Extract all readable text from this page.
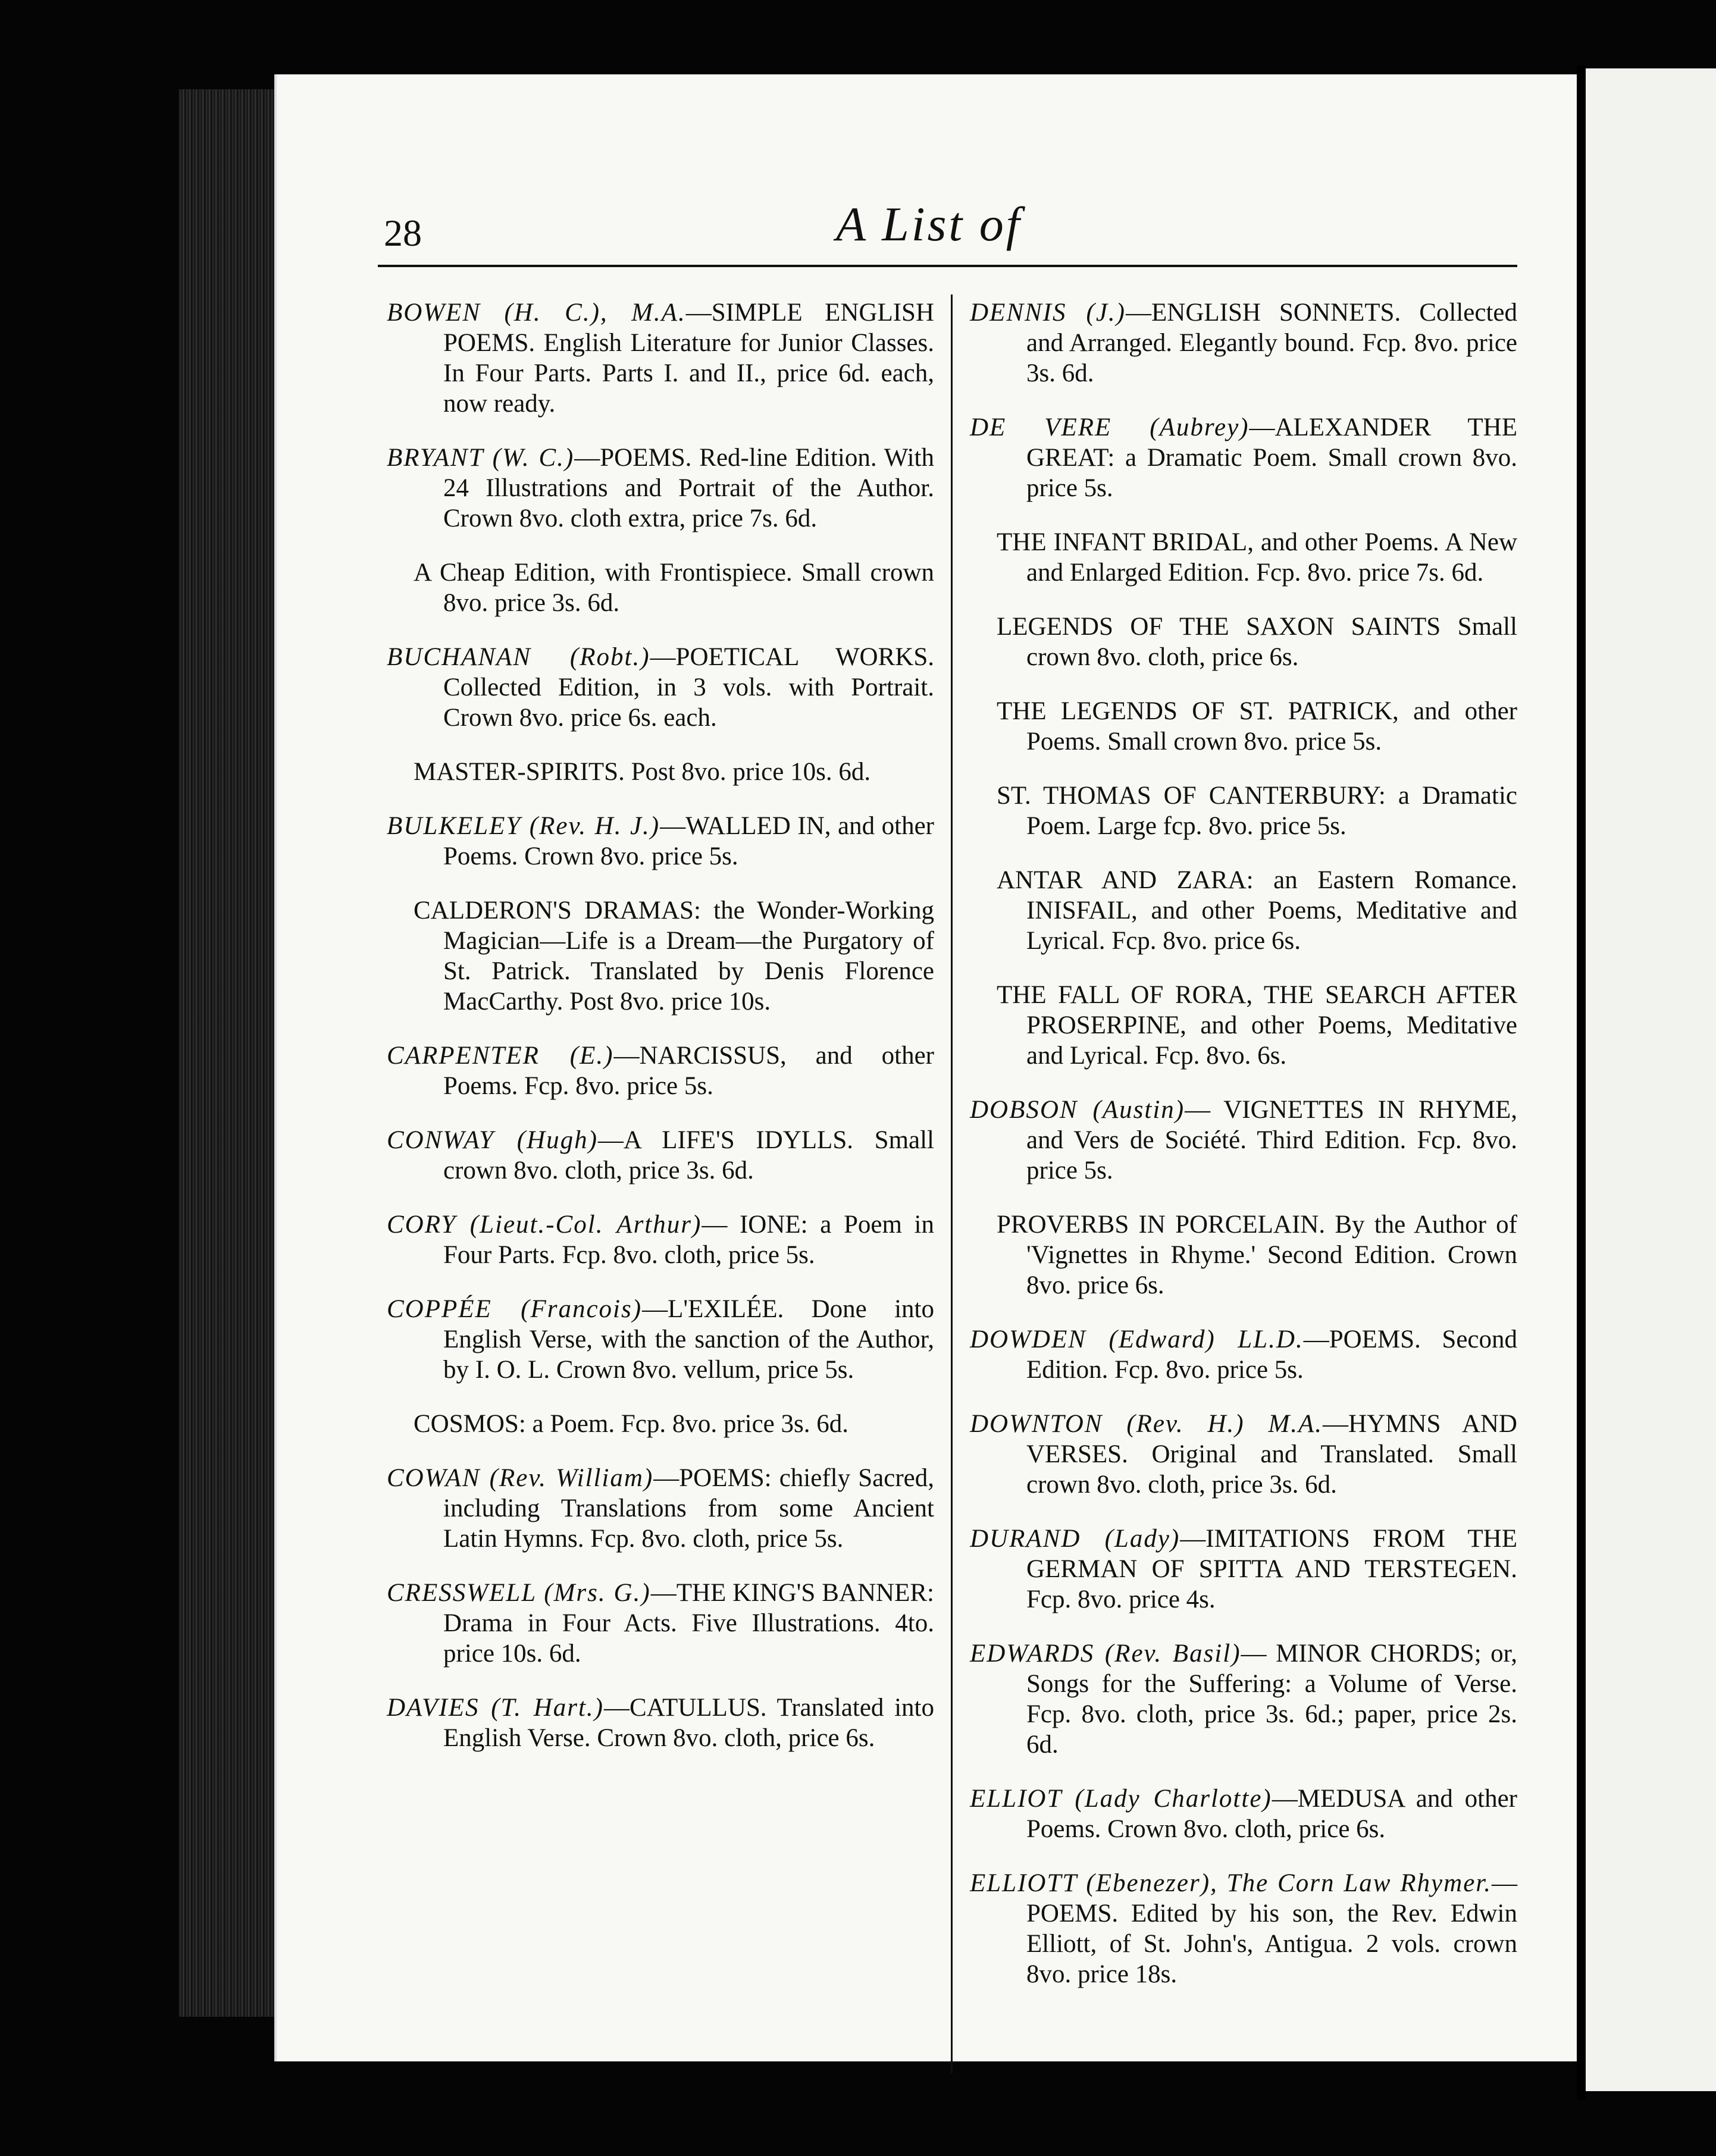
28	A List of

BOWEN (H. C.), M.A.—SIMPLE ENGLISH POEMS. English Literature for Junior Classes. In Four Parts. Parts I. and II., price 6d. each, now ready.

BRYANT (W. C.)—POEMS. Red-line Edition. With 24 Illustrations and Portrait of the Author. Crown 8vo. cloth extra, price 7s. 6d.

A Cheap Edition, with Frontispiece. Small crown 8vo. price 3s. 6d.

BUCHANAN (Robt.)—POETICAL WORKS. Collected Edition, in 3 vols. with Portrait. Crown 8vo. price 6s. each.

MASTER-SPIRITS. Post 8vo. price 10s. 6d.

BULKELEY (Rev. H. J.)—WALLED IN, and other Poems. Crown 8vo. price 5s.

CALDERON'S DRAMAS: the Wonder-Working Magician—Life is a Dream—the Purgatory of St. Patrick. Translated by Denis Florence MacCarthy. Post 8vo. price 10s.

CARPENTER (E.)—NARCISSUS, and other Poems. Fcp. 8vo. price 5s.

CONWAY (Hugh)—A LIFE'S IDYLLS. Small crown 8vo. cloth, price 3s. 6d.

CORY (Lieut.-Col. Arthur)— IONE: a Poem in Four Parts. Fcp. 8vo. cloth, price 5s.

COPPÉE (Francois)—L'EXILÉE. Done into English Verse, with the sanction of the Author, by I. O. L. Crown 8vo. vellum, price 5s.

COSMOS: a Poem. Fcp. 8vo. price 3s. 6d.

COWAN (Rev. William)—POEMS: chiefly Sacred, including Translations from some Ancient Latin Hymns. Fcp. 8vo. cloth, price 5s.

CRESSWELL (Mrs. G.)—THE KING'S BANNER: Drama in Four Acts. Five Illustrations. 4to. price 10s. 6d.

DAVIES (T. Hart.)—CATULLUS. Translated into English Verse. Crown 8vo. cloth, price 6s.

DENNIS (J.)—ENGLISH SONNETS. Collected and Arranged. Elegantly bound. Fcp. 8vo. price 3s. 6d.

DE VERE (Aubrey)—ALEXANDER THE GREAT: a Dramatic Poem. Small crown 8vo. price 5s.

THE INFANT BRIDAL, and other Poems. A New and Enlarged Edition. Fcp. 8vo. price 7s. 6d.

LEGENDS OF THE SAXON SAINTS Small crown 8vo. cloth, price 6s.

THE LEGENDS OF ST. PATRICK, and other Poems. Small crown 8vo. price 5s.

ST. THOMAS OF CANTERBURY: a Dramatic Poem. Large fcp. 8vo. price 5s.

ANTAR AND ZARA: an Eastern Romance. INISFAIL, and other Poems, Meditative and Lyrical. Fcp. 8vo. price 6s.

THE FALL OF RORA, THE SEARCH AFTER PROSERPINE, and other Poems, Meditative and Lyrical. Fcp. 8vo. 6s.

DOBSON (Austin)— VIGNETTES IN RHYME, and Vers de Société. Third Edition. Fcp. 8vo. price 5s.

PROVERBS IN PORCELAIN. By the Author of 'Vignettes in Rhyme.' Second Edition. Crown 8vo. price 6s.

DOWDEN (Edward) LL.D.—POEMS. Second Edition. Fcp. 8vo. price 5s.

DOWNTON (Rev. H.) M.A.—HYMNS AND VERSES. Original and Translated. Small crown 8vo. cloth, price 3s. 6d.

DURAND (Lady)—IMITATIONS FROM THE GERMAN OF SPITTA AND TERSTEGEN. Fcp. 8vo. price 4s.

EDWARDS (Rev. Basil)— MINOR CHORDS; or, Songs for the Suffering: a Volume of Verse. Fcp. 8vo. cloth, price 3s. 6d.; paper, price 2s. 6d.

ELLIOT (Lady Charlotte)—MEDUSA and other Poems. Crown 8vo. cloth, price 6s.

ELLIOTT (Ebenezer), The Corn Law Rhymer.—POEMS. Edited by his son, the Rev. Edwin Elliott, of St. John's, Antigua. 2 vols. crown 8vo. price 18s.
